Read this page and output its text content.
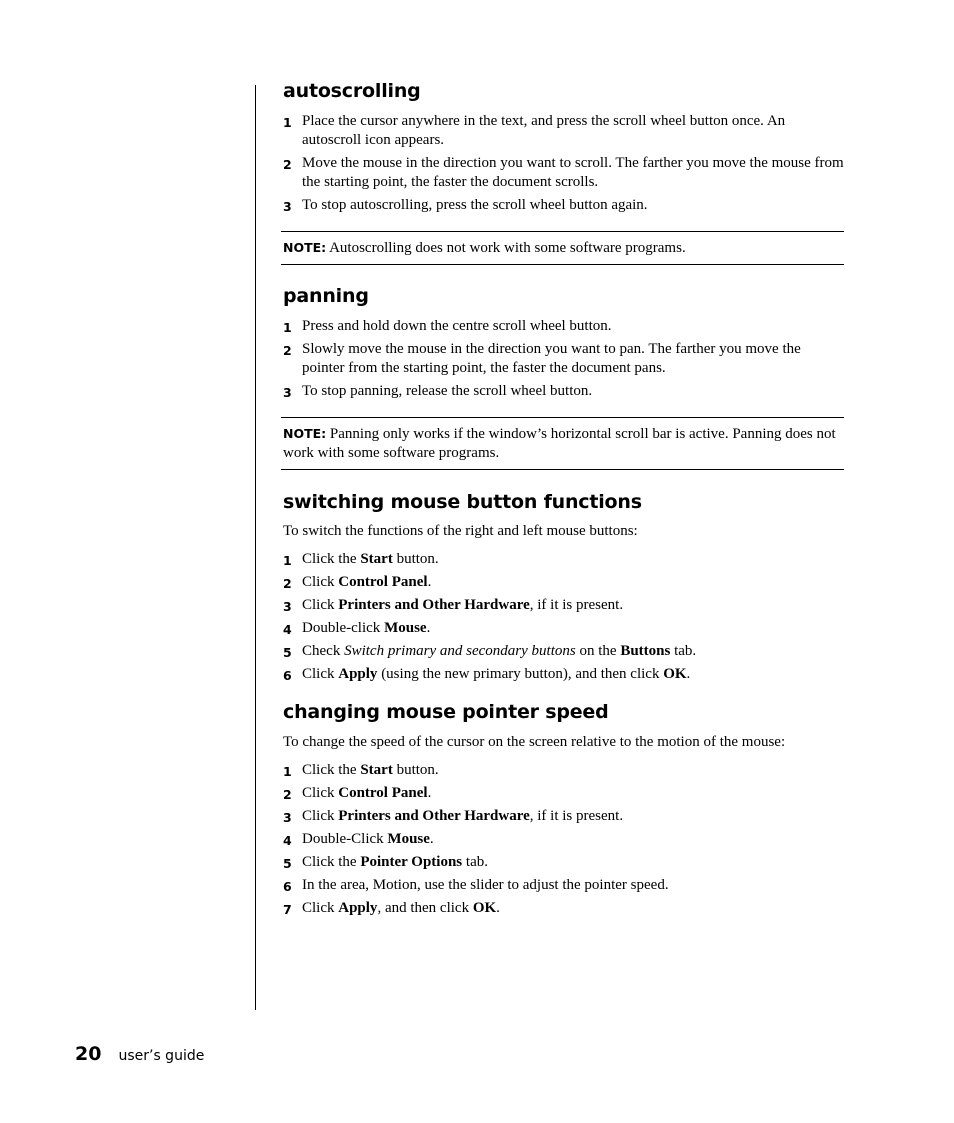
autoscrolling
1 Place the cursor anywhere in the text, and press the scroll wheel button once. An autoscroll icon appears.
2 Move the mouse in the direction you want to scroll. The farther you move the mouse from the starting point, the faster the document scrolls.
3 To stop autoscrolling, press the scroll wheel button again.
NOTE: Autoscrolling does not work with some software programs.
panning
1 Press and hold down the centre scroll wheel button.
2 Slowly move the mouse in the direction you want to pan. The farther you move the pointer from the starting point, the faster the document pans.
3 To stop panning, release the scroll wheel button.
NOTE: Panning only works if the window’s horizontal scroll bar is active. Panning does not work with some software programs.
switching mouse button functions

To switch the functions of the right and left mouse buttons:

1 Click the Start button.
2 Click Control Panel.
3 Click Printers and Other Hardware, if it is present.
4 Double-click Mouse.
5 Check Switch primary and secondary buttons on the Buttons tab.
6 Click Apply (using the new primary button), and then click OK.
changing mouse pointer speed

To change the speed of the cursor on the screen relative to the motion of the mouse:

1 Click the Start button.
2 Click Control Panel.
3 Click Printers and Other Hardware, if it is present.
4 Double-Click Mouse.
5 Click the Pointer Options tab.
6 In the area, Motion, use the slider to adjust the pointer speed.
7 Click Apply, and then click OK.
20 user’s guide
